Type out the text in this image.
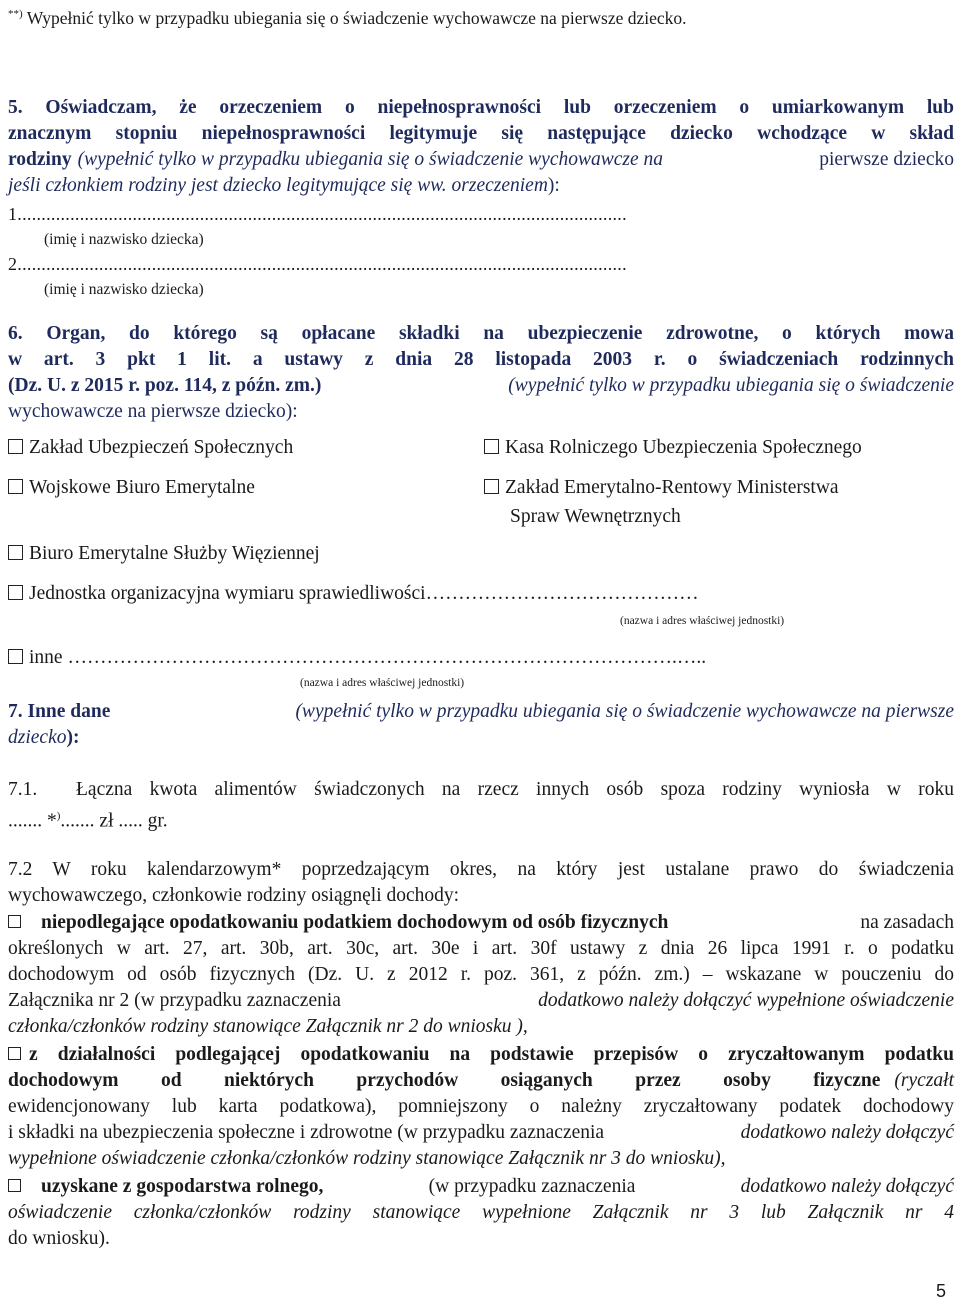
**) Wypełnić tylko w przypadku ubiegania się o świadczenie wychowawcze na pierwsze dziecko.
5. Oświadczam, że orzeczeniem o niepełnosprawności lub orzeczeniem o umiarkowanym lub
znacznym stopniu niepełnosprawności legitymuje się następujące dziecko wchodzące w skład
rodziny (wypełnić tylko w przypadku ubiegania się o świadczenie wychowawcze na	pierwsze dziecko
jeśli członkiem rodziny jest dziecko legitymujące się ww. orzeczeniem):
1...............................................................................................................................
(imię i nazwisko dziecka)
2...............................................................................................................................
(imię i nazwisko dziecka)
6. Organ, do którego są opłacane składki na ubezpieczenie zdrowotne, o których mowa
w art. 3 pkt 1 lit. a ustawy z dnia 28 listopada 2003 r. o świadczeniach rodzinnych
(Dz. U. z 2015 r. poz. 114, z późn. zm.)	(wypełnić tylko w przypadku ubiegania się o świadczenie
wychowawcze na pierwsze dziecko):
Zakład Ubezpieczeń Społecznych	Kasa Rolniczego Ubezpieczenia Społecznego
Wojskowe Biuro Emerytalne	Zakład Emerytalno-Rentowy Ministerstwa
Spraw Wewnętrznych
Biuro Emerytalne Służby Więziennej
Jednostka organizacyjna wymiaru sprawiedliwości……………………………………
(nazwa i adres właściwej jednostki)
inne ………………………………………………………………………………….…..
(nazwa i adres właściwej jednostki)
7. Inne dane	(wypełnić tylko w przypadku ubiegania się o świadczenie wychowawcze na pierwsze
dziecko):
7.1. Łączna kwota alimentów świadczonych na rzecz innych osób spoza rodziny wyniosła w roku
....... *)....... zł ..... gr.
7.2 W roku kalendarzowym* poprzedzającym okres, na który jest ustalane prawo do świadczenia
wychowawczego, członkowie rodziny osiągnęli dochody:
niepodlegające opodatkowaniu podatkiem dochodowym od osób fizycznych	na zasadach
określonych w art. 27, art. 30b, art. 30c, art. 30e i art. 30f ustawy z dnia 26 lipca 1991 r. o podatku
dochodowym od osób fizycznych (Dz. U. z 2012 r. poz. 361, z późn. zm.) – wskazane w pouczeniu do
Załącznika nr 2 (w przypadku zaznaczenia	dodatkowo należy dołączyć wypełnione oświadczenie
członka/członków rodziny stanowiące Załącznik nr 2 do wniosku ),
z działalności podlegającej opodatkowaniu na podstawie przepisów o zryczałtowanym podatku
dochodowym od niektórych przychodów osiąganych przez osoby fizyczne (ryczałt
ewidencjonowany lub karta podatkowa), pomniejszony o należny zryczałtowany podatek dochodowy
i składki na ubezpieczenia społeczne i zdrowotne (w przypadku zaznaczenia	dodatkowo należy dołączyć
wypełnione oświadczenie członka/członków rodziny stanowiące Załącznik nr 3 do wniosku),
uzyskane z gospodarstwa rolnego,	(w przypadku zaznaczenia	dodatkowo należy dołączyć
oświadczenie członka/członków rodziny stanowiące wypełnione Załącznik nr 3 lub Załącznik nr 4
do wniosku).
5
